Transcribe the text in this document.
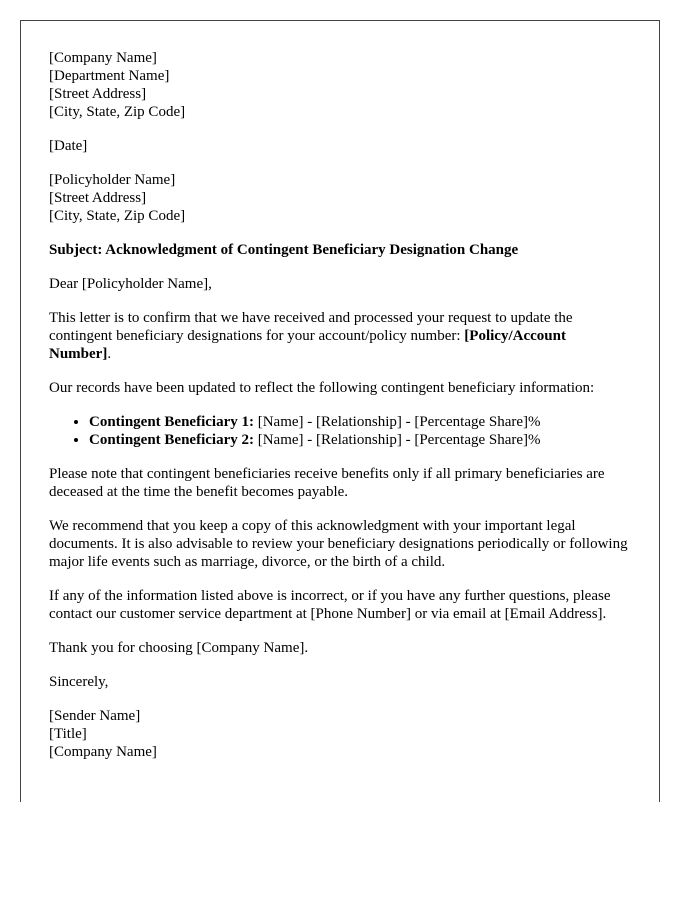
[Company Name]
[Department Name]
[Street Address]
[City, State, Zip Code]
[Date]
[Policyholder Name]
[Street Address]
[City, State, Zip Code]
Subject: Acknowledgment of Contingent Beneficiary Designation Change
Dear [Policyholder Name],
This letter is to confirm that we have received and processed your request to update the contingent beneficiary designations for your account/policy number: [Policy/Account Number].
Our records have been updated to reflect the following contingent beneficiary information:
• Contingent Beneficiary 1: [Name] - [Relationship] - [Percentage Share]%
• Contingent Beneficiary 2: [Name] - [Relationship] - [Percentage Share]%
Please note that contingent beneficiaries receive benefits only if all primary beneficiaries are deceased at the time the benefit becomes payable.
We recommend that you keep a copy of this acknowledgment with your important legal documents. It is also advisable to review your beneficiary designations periodically or following major life events such as marriage, divorce, or the birth of a child.
If any of the information listed above is incorrect, or if you have any further questions, please contact our customer service department at [Phone Number] or via email at [Email Address].
Thank you for choosing [Company Name].
Sincerely,
[Sender Name]
[Title]
[Company Name]
